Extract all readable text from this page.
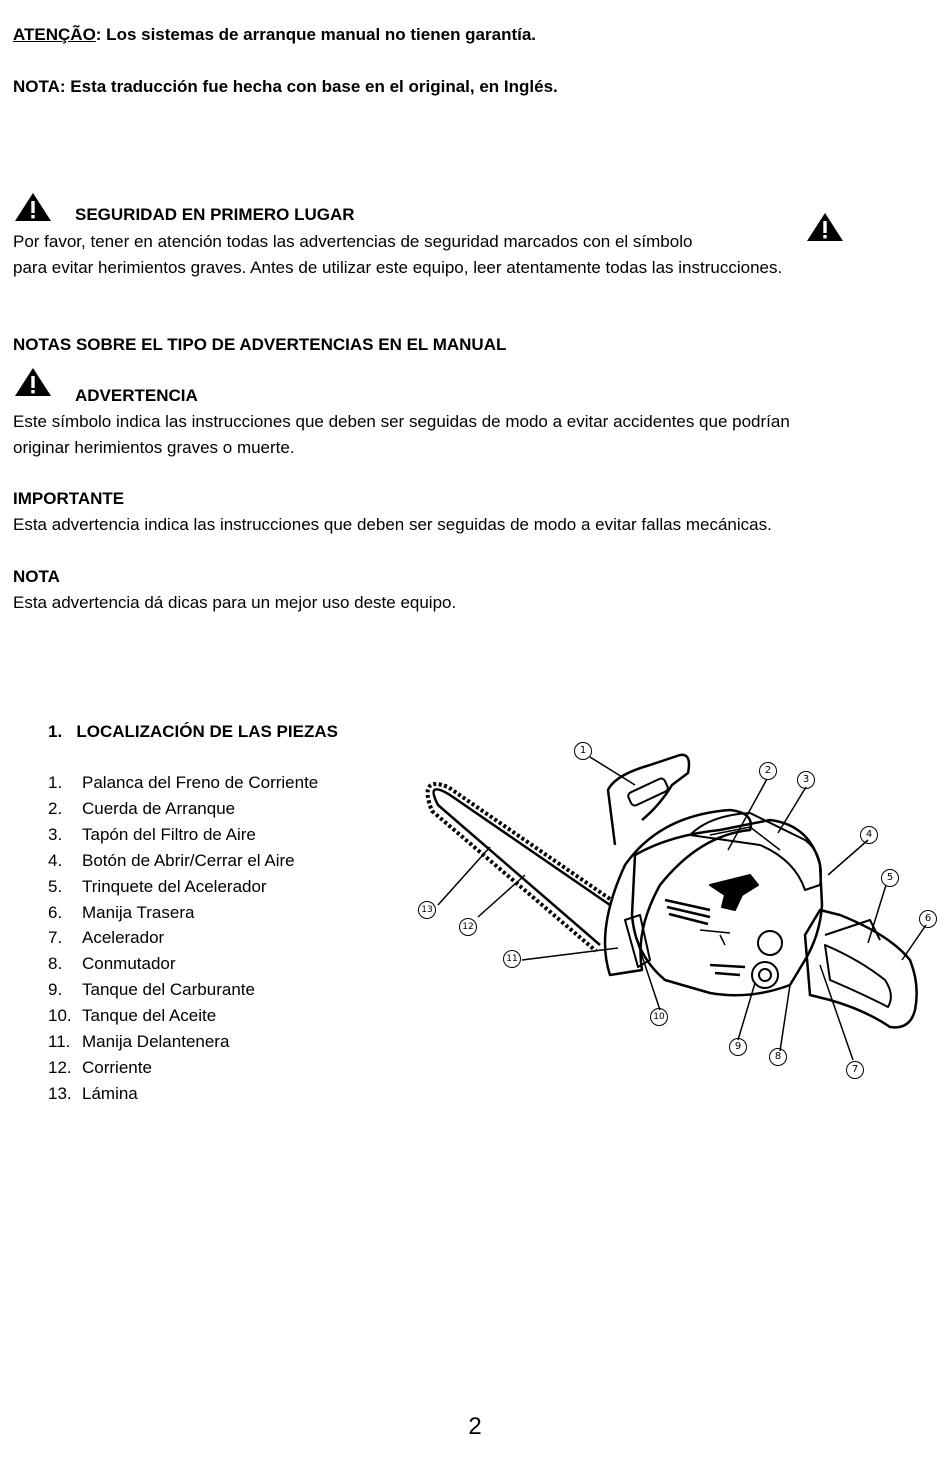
ATENÇÃO: Los sistemas de arranque manual no tienen garantía.
NOTA: Esta traducción fue hecha con base en el original, en Inglés.
SEGURIDAD EN PRIMERO LUGAR
Por favor, tener en atención todas las advertencias de seguridad marcados con el símbolo
para evitar herimientos graves. Antes de utilizar este equipo, leer atentamente todas las instrucciones.
NOTAS SOBRE EL TIPO DE ADVERTENCIAS EN EL MANUAL
ADVERTENCIA
Este símbolo indica las instrucciones que deben ser seguidas de modo a evitar accidentes que podrían originar herimientos graves o muerte.
IMPORTANTE
Esta advertencia indica las instrucciones que deben ser seguidas de modo a evitar fallas mecánicas.
NOTA
Esta advertencia dá dicas para un mejor uso deste equipo.
1.   LOCALIZACIÓN DE LAS PIEZAS
1. Palanca del Freno de Corriente
2. Cuerda de Arranque
3. Tapón del Filtro de Aire
4. Botón de Abrir/Cerrar el Aire
5. Trinquete del Acelerador
6. Manija Trasera
7. Acelerador
8. Conmutador
9. Tanque del Carburante
10. Tanque del Aceite
11. Manija Delantenera
12. Corriente
13. Lámina
1
2
3
4
5
6
7
8
9
10
11
12
13
2
